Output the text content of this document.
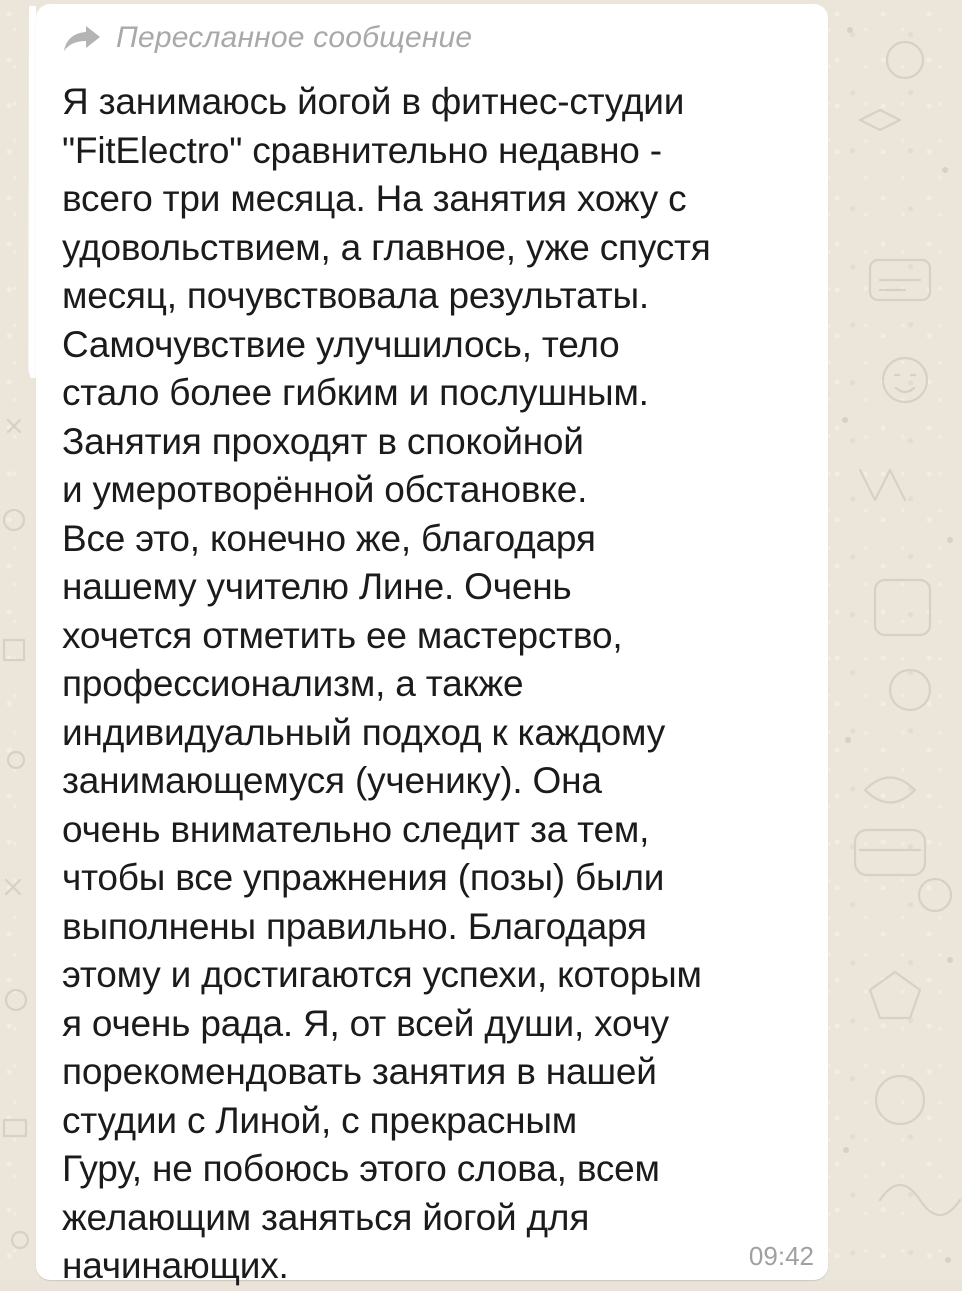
Пересланное сообщение
Я занимаюсь йогой в фитнес-студии
"FitElectro" сравнительно недавно -
всего три месяца. На занятия хожу с
удовольствием, а главное, уже спустя
месяц, почувствовала результаты.
Самочувствие улучшилось, тело
стало более гибким и послушным.
Занятия проходят в спокойной
и умеротворённой обстановке.
Все это, конечно же, благодаря
нашему учителю Лине. Очень
хочется отметить ее мастерство,
профессионализм, а также
индивидуальный подход к каждому
занимающемуся (ученику). Она
очень внимательно следит за тем,
чтобы все упражнения (позы) были
выполнены правильно. Благодаря
этому и достигаются успехи, которым
я очень рада. Я, от всей души, хочу
порекомендовать занятия в нашей
студии с Линой, с прекрасным
Гуру, не побоюсь этого слова, всем
желающим заняться йогой для
начинающих.	09:42
